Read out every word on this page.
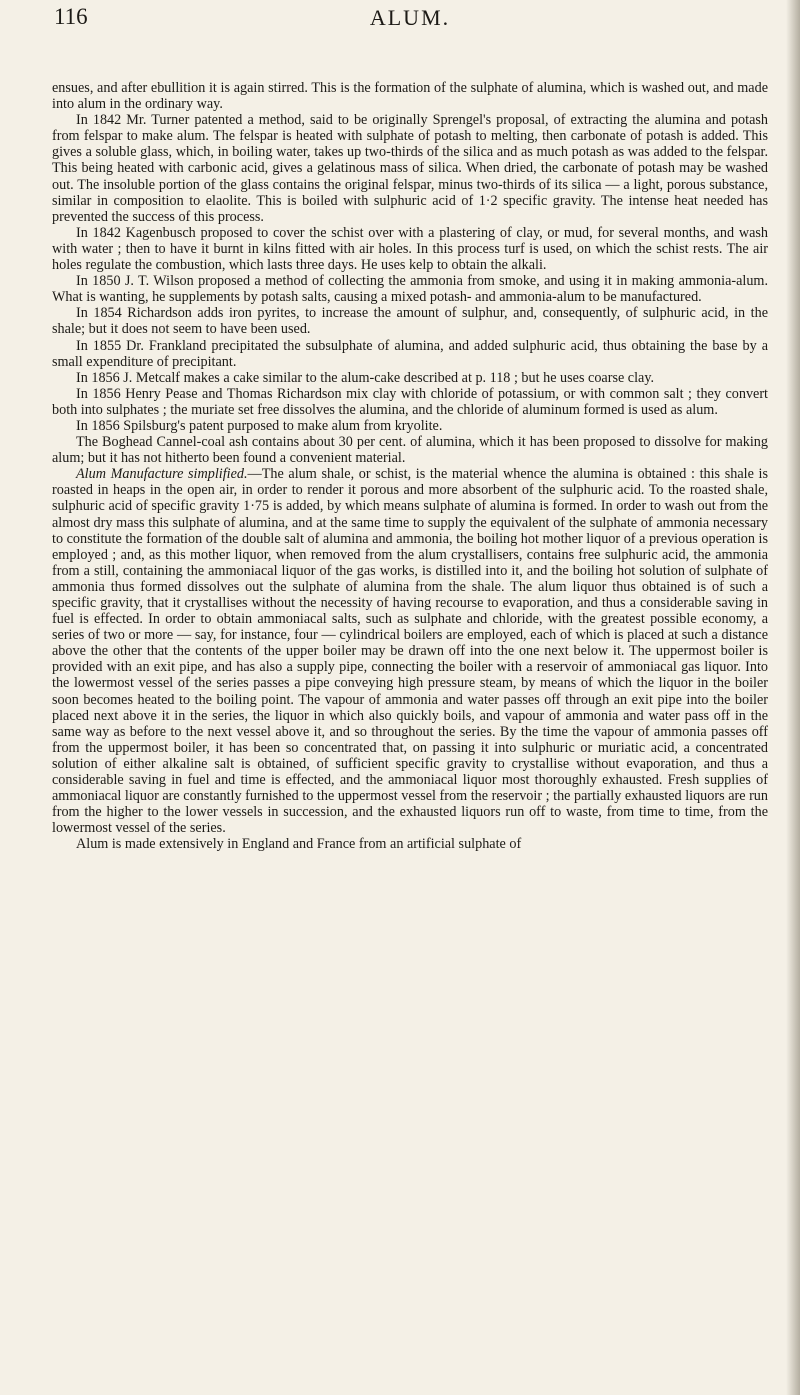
116	ALUM.

ensues, and after ebullition it is again stirred. This is the formation of the sulphate of alumina, which is washed out, and made into alum in the ordinary way.

In 1842 Mr. Turner patented a method, said to be originally Sprengel's proposal, of extracting the alumina and potash from felspar to make alum. The felspar is heated with sulphate of potash to melting, then carbonate of potash is added. This gives a soluble glass, which, in boiling water, takes up two-thirds of the silica and as much potash as was added to the felspar. This being heated with carbonic acid, gives a gelatinous mass of silica. When dried, the carbonate of potash may be washed out. The insoluble portion of the glass contains the original felspar, minus two-thirds of its silica — a light, porous substance, similar in composition to elaolite. This is boiled with sulphuric acid of 1·2 specific gravity. The intense heat needed has prevented the success of this process.

In 1842 Kagenbusch proposed to cover the schist over with a plastering of clay, or mud, for several months, and wash with water ; then to have it burnt in kilns fitted with air holes. In this process turf is used, on which the schist rests. The air holes regulate the combustion, which lasts three days. He uses kelp to obtain the alkali.

In 1850 J. T. Wilson proposed a method of collecting the ammonia from smoke, and using it in making ammonia-alum. What is wanting, he supplements by potash salts, causing a mixed potash- and ammonia-alum to be manufactured.

In 1854 Richardson adds iron pyrites, to increase the amount of sulphur, and, consequently, of sulphuric acid, in the shale; but it does not seem to have been used.

In 1855 Dr. Frankland precipitated the subsulphate of alumina, and added sulphuric acid, thus obtaining the base by a small expenditure of precipitant.

In 1856 J. Metcalf makes a cake similar to the alum-cake described at p. 118 ; but he uses coarse clay.

In 1856 Henry Pease and Thomas Richardson mix clay with chloride of potassium, or with common salt ; they convert both into sulphates ; the muriate set free dissolves the alumina, and the chloride of aluminum formed is used as alum.

In 1856 Spilsburg's patent purposed to make alum from kryolite.

The Boghead Cannel-coal ash contains about 30 per cent. of alumina, which it has been proposed to dissolve for making alum; but it has not hitherto been found a convenient material.

Alum Manufacture simplified.—The alum shale, or schist, is the material whence the alumina is obtained : this shale is roasted in heaps in the open air, in order to render it porous and more absorbent of the sulphuric acid. To the roasted shale, sulphuric acid of specific gravity 1·75 is added, by which means sulphate of alumina is formed. In order to wash out from the almost dry mass this sulphate of alumina, and at the same time to supply the equivalent of the sulphate of ammonia necessary to constitute the formation of the double salt of alumina and ammonia, the boiling hot mother liquor of a previous operation is employed ; and, as this mother liquor, when removed from the alum crystallisers, contains free sulphuric acid, the ammonia from a still, containing the ammoniacal liquor of the gas works, is distilled into it, and the boiling hot solution of sulphate of ammonia thus formed dissolves out the sulphate of alumina from the shale. The alum liquor thus obtained is of such a specific gravity, that it crystallises without the necessity of having recourse to evaporation, and thus a considerable saving in fuel is effected. In order to obtain ammoniacal salts, such as sulphate and chloride, with the greatest possible economy, a series of two or more — say, for instance, four — cylindrical boilers are employed, each of which is placed at such a distance above the other that the contents of the upper boiler may be drawn off into the one next below it. The uppermost boiler is provided with an exit pipe, and has also a supply pipe, connecting the boiler with a reservoir of ammoniacal gas liquor. Into the lowermost vessel of the series passes a pipe conveying high pressure steam, by means of which the liquor in the boiler soon becomes heated to the boiling point. The vapour of ammonia and water passes off through an exit pipe into the boiler placed next above it in the series, the liquor in which also quickly boils, and vapour of ammonia and water pass off in the same way as before to the next vessel above it, and so throughout the series. By the time the vapour of ammonia passes off from the uppermost boiler, it has been so concentrated that, on passing it into sulphuric or muriatic acid, a concentrated solution of either alkaline salt is obtained, of sufficient specific gravity to crystallise without evaporation, and thus a considerable saving in fuel and time is effected, and the ammoniacal liquor most thoroughly exhausted. Fresh supplies of ammoniacal liquor are constantly furnished to the uppermost vessel from the reservoir ; the partially exhausted liquors are run from the higher to the lower vessels in succession, and the exhausted liquors run off to waste, from time to time, from the lowermost vessel of the series.

Alum is made extensively in England and France from an artificial sulphate of
